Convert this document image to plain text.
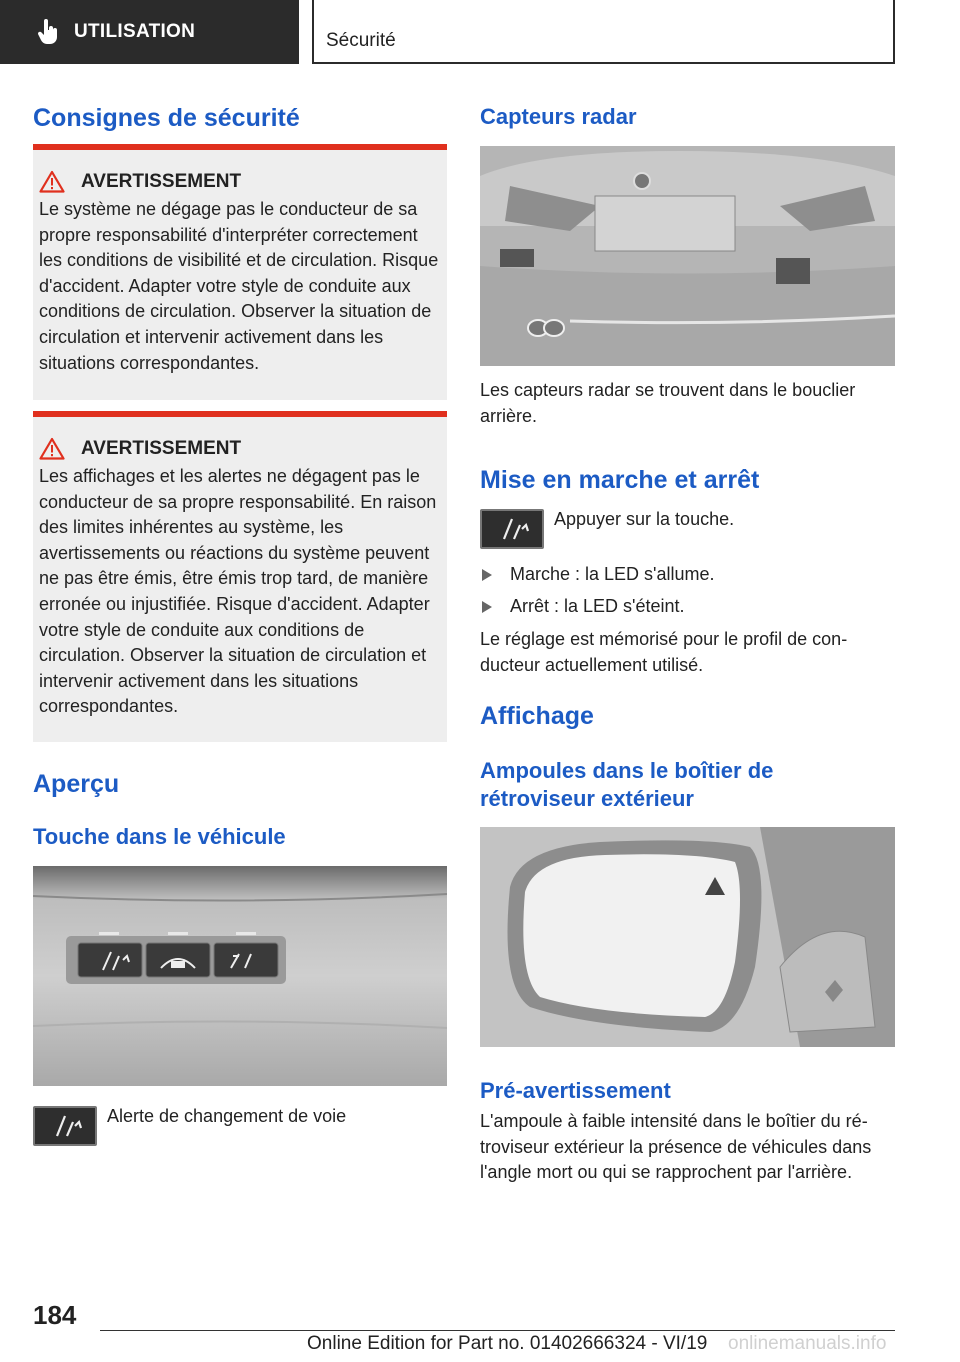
UTILISATION	Sécurité
Consignes de sécurité
AVERTISSEMENT
Le système ne dégage pas le conducteur de sa propre responsabilité d'interpréter correctement les conditions de visibilité et de circulation. Risque d'accident. Adapter votre style de conduite aux conditions de circulation. Observer la situation de circulation et intervenir activement dans les situations correspondantes.
AVERTISSEMENT
Les affichages et les alertes ne dégagent pas le conducteur de sa propre responsabilité. En raison des limites inhérentes au système, les avertissements ou réactions du système peuvent ne pas être émis, être émis trop tard, de manière erronée ou injustifiée. Risque d'accident. Adapter votre style de conduite aux conditions de circulation. Observer la situation de circulation et intervenir activement dans les situations correspondantes.
Aperçu
Touche dans le véhicule
Alerte de changement de voie
Capteurs radar
Les capteurs radar se trouvent dans le bouclier arrière.
Mise en marche et arrêt
Appuyer sur la touche.
Marche : la LED s'allume.
Arrêt : la LED s'éteint.
Le réglage est mémorisé pour le profil de conducteur actuellement utilisé.
Affichage
Ampoules dans le boîtier de rétroviseur extérieur
Pré-avertissement
L'ampoule à faible intensité dans le boîtier du rétroviseur extérieur la présence de véhicules dans l'angle mort ou qui se rapprochent par l'arrière.
184
Online Edition for Part no. 01402666324 - VI/19 onlinemanuals.info
